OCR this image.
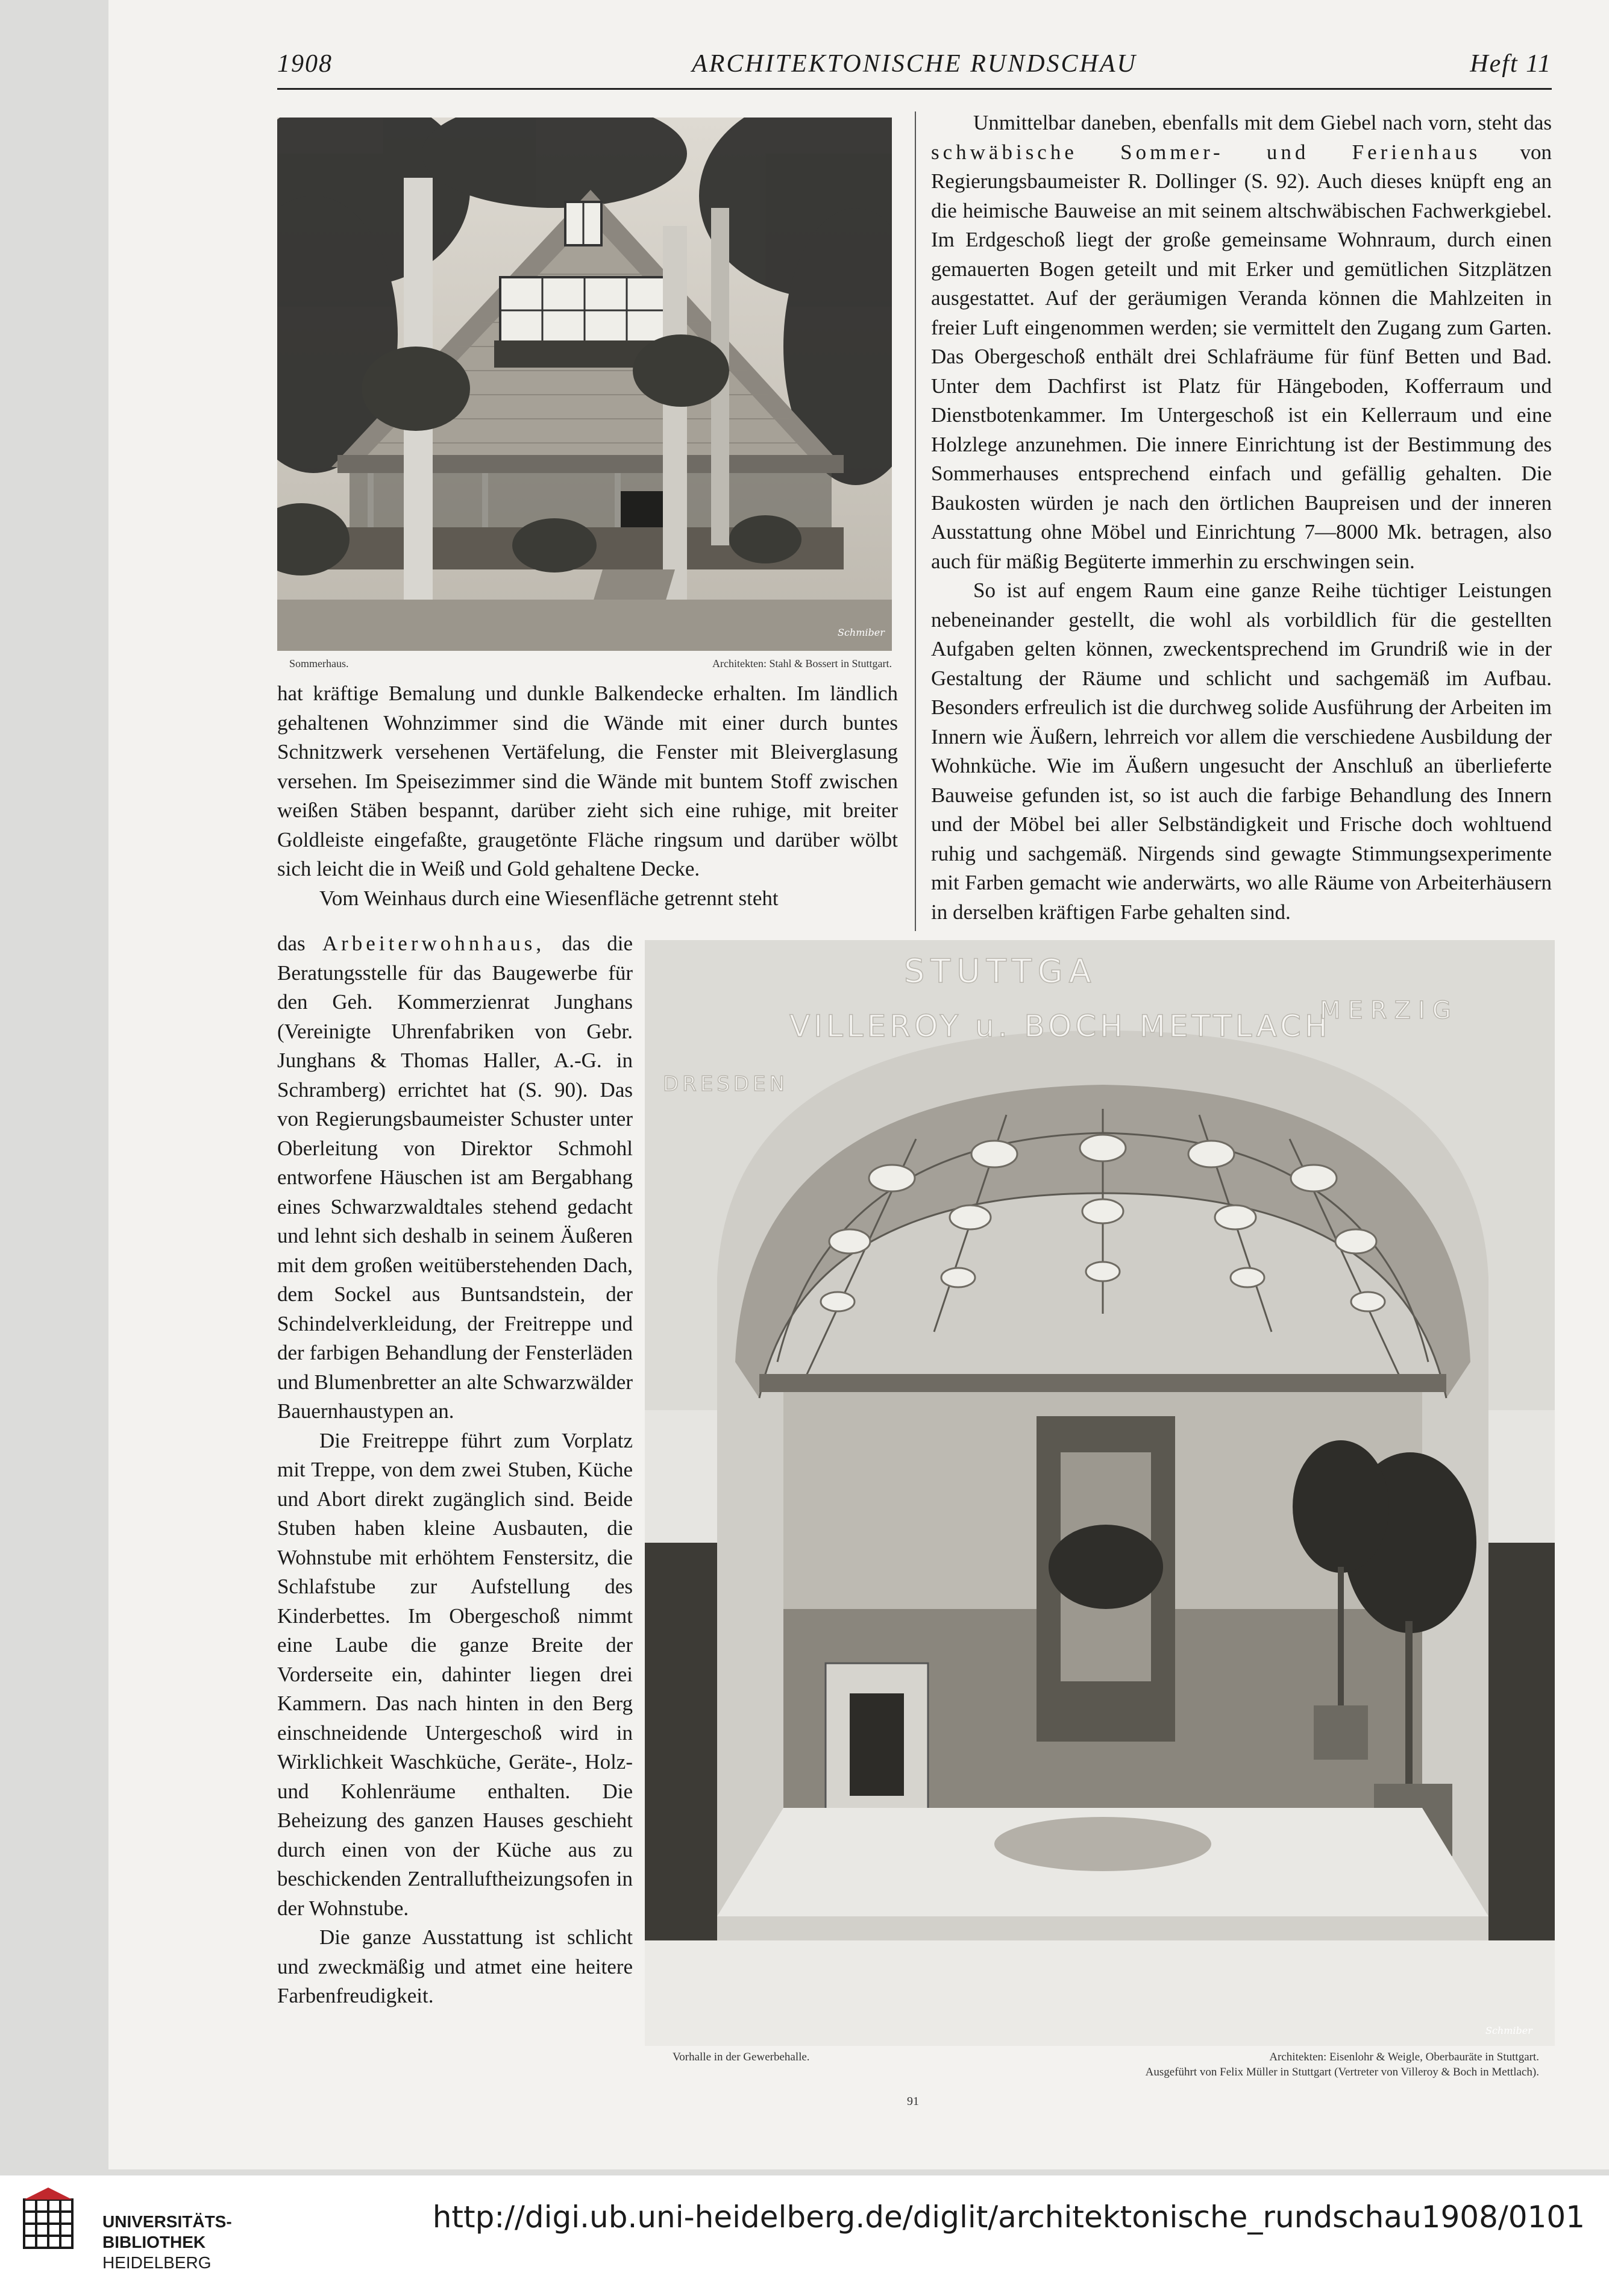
ARCHITEKTONISCHE RUNDSCHAU
1908	Heft 11
Schmiber
Sommerhaus.	Architekten: Stahl & Bossert in Stuttgart.

Unmittelbar daneben, ebenfalls mit dem Giebel nach vorn, steht das schwäbische Sommer- und Ferienhaus von Regierungsbaumeister R. Dollinger (S. 92). Auch dieses knüpft eng an die heimische Bauweise an mit seinem altschwäbischen Fachwerkgiebel. Im Erdgeschoß liegt der große gemeinsame Wohnraum, durch einen gemauerten Bogen geteilt und mit Erker und gemütlichen Sitzplätzen ausgestattet. Auf der geräumigen Veranda können die Mahlzeiten in freier Luft eingenommen werden; sie vermittelt den Zugang zum Garten. Das Obergeschoß enthält drei Schlafräume für fünf Betten und Bad. Unter dem Dachfirst ist Platz für Hängeboden, Kofferraum und Dienstbotenkammer. Im Untergeschoß ist ein Kellerraum und eine Holzlege anzunehmen. Die innere Einrichtung ist der Bestimmung des Sommerhauses entsprechend einfach und gefällig gehalten. Die Baukosten würden je nach den örtlichen Baupreisen und der inneren Ausstattung ohne Möbel und Einrichtung 7—8000 Mk. betragen, also auch für mäßig Begüterte immerhin zu erschwingen sein.

So ist auf engem Raum eine ganze Reihe tüchtiger Leistungen nebeneinander gestellt, die wohl als vorbildlich für die gestellten Aufgaben gelten können, zweckentsprechend im Grundriß wie in der Gestaltung der Räume und schlicht und sachgemäß im Aufbau. Besonders erfreulich ist die durchweg solide Ausführung der Arbeiten im Innern wie Äußern, lehrreich vor allem die verschiedene Ausbildung der Wohnküche. Wie im Äußern ungesucht der Anschluß an überlieferte Bauweise gefunden ist, so ist auch die farbige Behandlung des Innern und der Möbel bei aller Selbständigkeit und Frische doch wohltuend ruhig und sachgemäß. Nirgends sind gewagte Stimmungsexperimente mit Farben gemacht wie anderwärts, wo alle Räume von Arbeiterhäusern in derselben kräftigen Farbe gehalten sind.

hat kräftige Bemalung und dunkle Balkendecke erhalten. Im ländlich gehaltenen Wohnzimmer sind die Wände mit einer durch buntes Schnitzwerk versehenen Vertäfelung, die Fenster mit Bleiverglasung versehen. Im Speisezimmer sind die Wände mit buntem Stoff zwischen weißen Stäben bespannt, darüber zieht sich eine ruhige, mit breiter Goldleiste eingefaßte, graugetönte Fläche ringsum und darüber wölbt sich leicht die in Weiß und Gold gehaltene Decke.

Vom Weinhaus durch eine Wiesenfläche getrennt steht

das Arbeiterwohnhaus, das die Beratungsstelle für das Baugewerbe für den Geh. Kommerzienrat Junghans (Vereinigte Uhrenfabriken von Gebr. Junghans & Thomas Haller, A.-G. in Schramberg) errichtet hat (S. 90). Das von Regierungsbaumeister Schuster unter Oberleitung von Direktor Schmohl entworfene Häuschen ist am Bergabhang eines Schwarzwaldtales stehend gedacht und lehnt sich deshalb in seinem Äußeren mit dem großen weitüberstehenden Dach, dem Sockel aus Buntsandstein, der Schindelverkleidung, der Freitreppe und der farbigen Behandlung der Fensterläden und Blumenbretter an alte Schwarzwälder Bauernhaustypen an.

Die Freitreppe führt zum Vorplatz mit Treppe, von dem zwei Stuben, Küche und Abort direkt zugänglich sind. Beide Stuben haben kleine Ausbauten, die Wohnstube mit erhöhtem Fenstersitz, die Schlafstube zur Aufstellung des Kinderbettes. Im Obergeschoß nimmt eine Laube die ganze Breite der Vorderseite ein, dahinter liegen drei Kammern. Das nach hinten in den Berg einschneidende Untergeschoß wird in Wirklichkeit Waschküche, Geräte-, Holz- und Kohlenräume enthalten. Die Beheizung des ganzen Hauses geschieht durch einen von der Küche aus zu beschickenden Zentralluftheizungsofen in der Wohnstube.

Die ganze Ausstattung ist schlicht und zweckmäßig und atmet eine heitere Farbenfreudigkeit.

STUTTGA
VILLEROY u. BOCH METTLACH
MERZIG
DRESDEN
Schmiber
Vorhalle in der Gewerbehalle.	Architekten: Eisenlohr & Weigle, Oberbauräte in Stuttgart.
Ausgeführt von Felix Müller in Stuttgart (Vertreter von Villeroy & Boch in Mettlach).
91
UNIVERSITÄTS-
BIBLIOTHEK
HEIDELBERG
http://digi.ub.uni-heidelberg.de/diglit/architektonische_rundschau1908/0101
